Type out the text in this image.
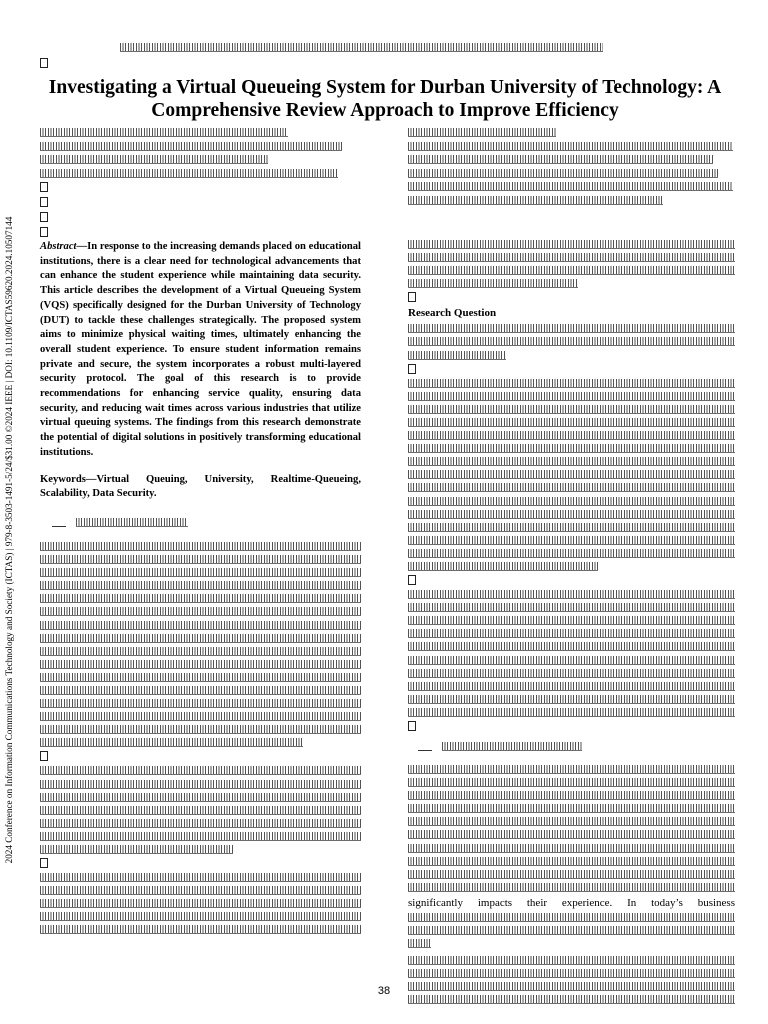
2024 Conference on Information Communications Technology and Society (ICTAS) | 979-8-3503-1491-5/24/$31.00 ©2024 IEEE | DOI: 10.1109/ICTAS59620.2024.10507144
Investigating a Virtual Queueing System for Durban University of Technology: A Comprehensive Review Approach to Improve Efficiency

Abstract—In response to the increasing demands placed on educational institutions, there is a clear need for technological advancements that can enhance the student experience while maintaining data security. This article describes the development of a Virtual Queueing System (VQS) specifically designed for the Durban University of Technology (DUT) to tackle these challenges strategically. The proposed system aims to minimize physical waiting times, ultimately enhancing the overall student experience. To ensure student information remains private and secure, the system incorporates a robust multi-layered security protocol. The goal of this research is to provide recommendations for enhancing service quality, ensuring data security, and reducing wait times across various industries that utilize virtual queuing systems. The findings from this research demonstrate the potential of digital solutions in positively transforming educational institutions.

Keywords—Virtual Queuing, University, Realtime-Queueing, Scalability, Data Security.

Research Question

significantly impacts their experience. In today’s business

38
